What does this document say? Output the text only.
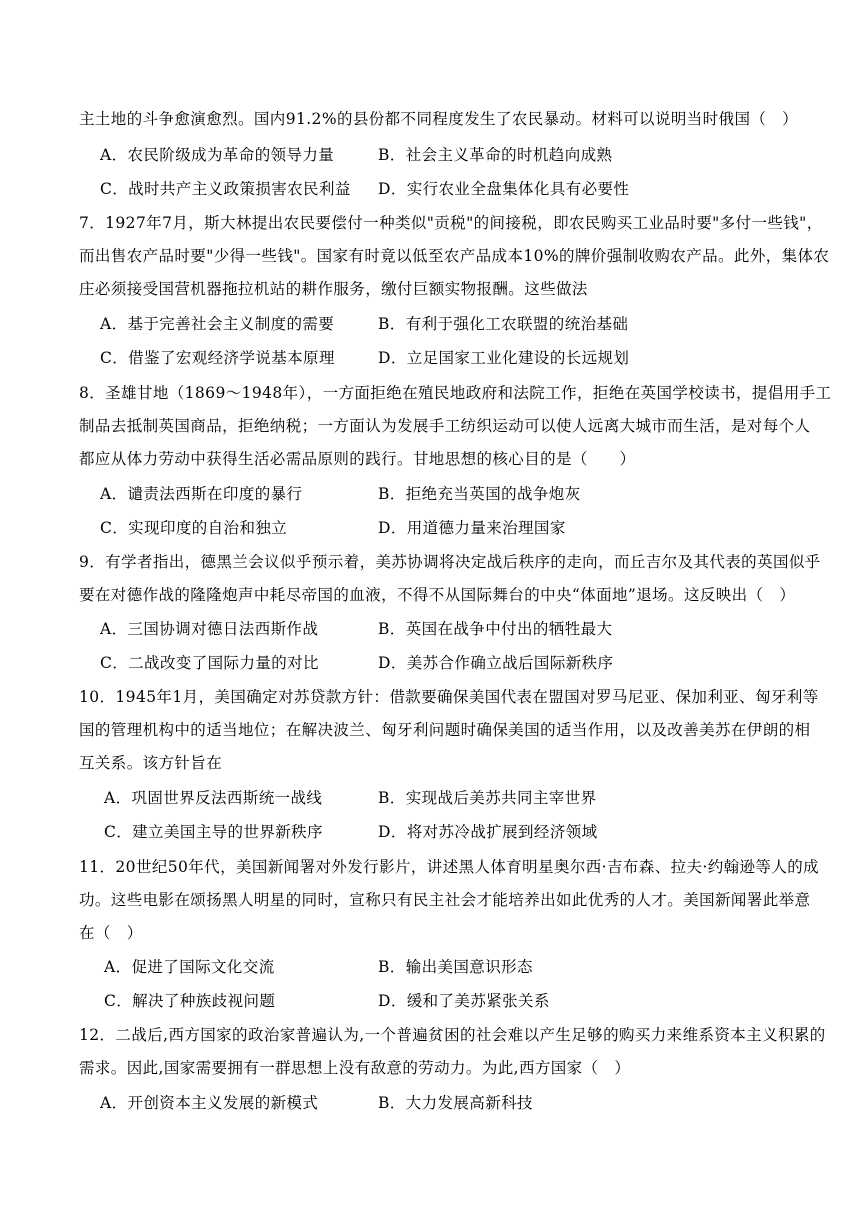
主土地的斗争愈演愈烈。国内91.2%的县份都不同程度发生了农民暴动。材料可以说明当时俄国（　）
A．农民阶级成为革命的领导力量	B．社会主义革命的时机趋向成熟
C．战时共产主义政策损害农民利益 D．实行农业全盘集体化具有必要性
7．1927年7月，斯大林提出农民要偿付一种类似"贡税"的间接税，即农民购买工业品时要"多付一些钱"，
而出售农产品时要"少得一些钱"。国家有时竟以低至农产品成本10%的牌价强制收购农产品。此外，集体农
庄必须接受国营机器拖拉机站的耕作服务，缴付巨额实物报酬。这些做法
A．基于完善社会主义制度的需要	B．有利于强化工农联盟的统治基础
C．借鉴了宏观经济学说基本原理	D．立足国家工业化建设的长远规划
8．圣雄甘地（1869～1948年），一方面拒绝在殖民地政府和法院工作，拒绝在英国学校读书，提倡用手工
制品去抵制英国商品，拒绝纳税；一方面认为发展手工纺织运动可以使人远离大城市而生活，是对每个人
都应从体力劳动中获得生活必需品原则的践行。甘地思想的核心目的是（　　）
A．谴责法西斯在印度的暴行	B．拒绝充当英国的战争炮灰
C．实现印度的自治和独立	D．用道德力量来治理国家
9．有学者指出，德黑兰会议似乎预示着，美苏协调将决定战后秩序的走向，而丘吉尔及其代表的英国似乎
要在对德作战的隆隆炮声中耗尽帝国的血液，不得不从国际舞台的中央“体面地”退场。这反映出（　）
A．三国协调对德日法西斯作战	B．英国在战争中付出的牺牲最大
C．二战改变了国际力量的对比	D．美苏合作确立战后国际新秩序
10．1945年1月，美国确定对苏贷款方针：借款要确保美国代表在盟国对罗马尼亚、保加利亚、匈牙利等
国的管理机构中的适当地位；在解决波兰、匈牙利问题时确保美国的适当作用，以及改善美苏在伊朗的相
互关系。该方针旨在
A．巩固世界反法西斯统一战线	B．实现战后美苏共同主宰世界
C．建立美国主导的世界新秩序	D．将对苏冷战扩展到经济领域
11．20世纪50年代，美国新闻署对外发行影片，讲述黑人体育明星奥尔西·吉布森、拉夫·约翰逊等人的成
功。这些电影在颂扬黑人明星的同时，宣称只有民主社会才能培养出如此优秀的人才。美国新闻署此举意
在（　）
A．促进了国际文化交流	B．输出美国意识形态
C．解决了种族歧视问题	D．缓和了美苏紧张关系
12．二战后,西方国家的政治家普遍认为,一个普遍贫困的社会难以产生足够的购买力来维系资本主义积累的
需求。因此,国家需要拥有一群思想上没有敌意的劳动力。为此,西方国家（　）
A．开创资本主义发展的新模式	B．大力发展高新科技
